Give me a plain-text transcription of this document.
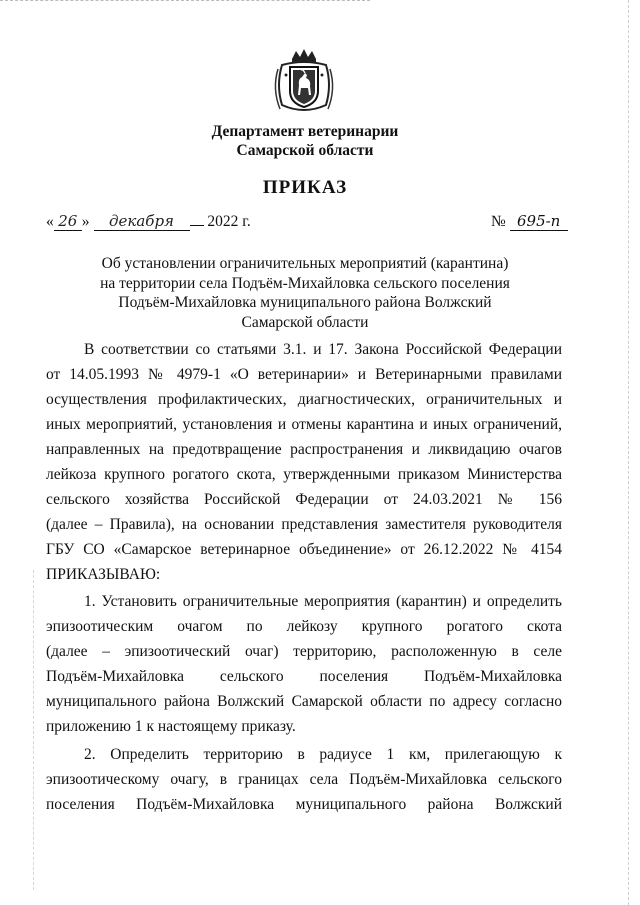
Департамент ветеринарии
Самарской области
ПРИКАЗ
« 26 » декабря 2022 г.	№ 695-п
Об установлении ограничительных мероприятий (карантина)
на территории села Подъём-Михайловка сельского поселения
Подъём-Михайловка муниципального района Волжский
Самарской области
В соответствии со статьями 3.1. и 17. Закона Российской Федерации
от 14.05.1993 № 4979-1 «О ветеринарии» и Ветеринарными правилами
осуществления профилактических, диагностических, ограничительных и
иных мероприятий, установления и отмены карантина и иных ограничений,
направленных на предотвращение распространения и ликвидацию очагов
лейкоза крупного рогатого скота, утвержденными приказом Министерства
сельского хозяйства Российской Федерации от 24.03.2021 № 156
(далее – Правила), на основании представления заместителя руководителя
ГБУ СО «Самарское ветеринарное объединение» от 26.12.2022 № 4154
ПРИКАЗЫВАЮ:
1. Установить ограничительные мероприятия (карантин) и определить
эпизоотическим очагом по лейкозу крупного рогатого скота
(далее – эпизоотический очаг) территорию, расположенную в селе
Подъём-Михайловка сельского поселения Подъём-Михайловка
муниципального района Волжский Самарской области по адресу согласно
приложению 1 к настоящему приказу.
2. Определить территорию в радиусе 1 км, прилегающую к
эпизоотическому очагу, в границах села Подъём-Михайловка сельского
поселения Подъём-Михайловка муниципального района Волжский
